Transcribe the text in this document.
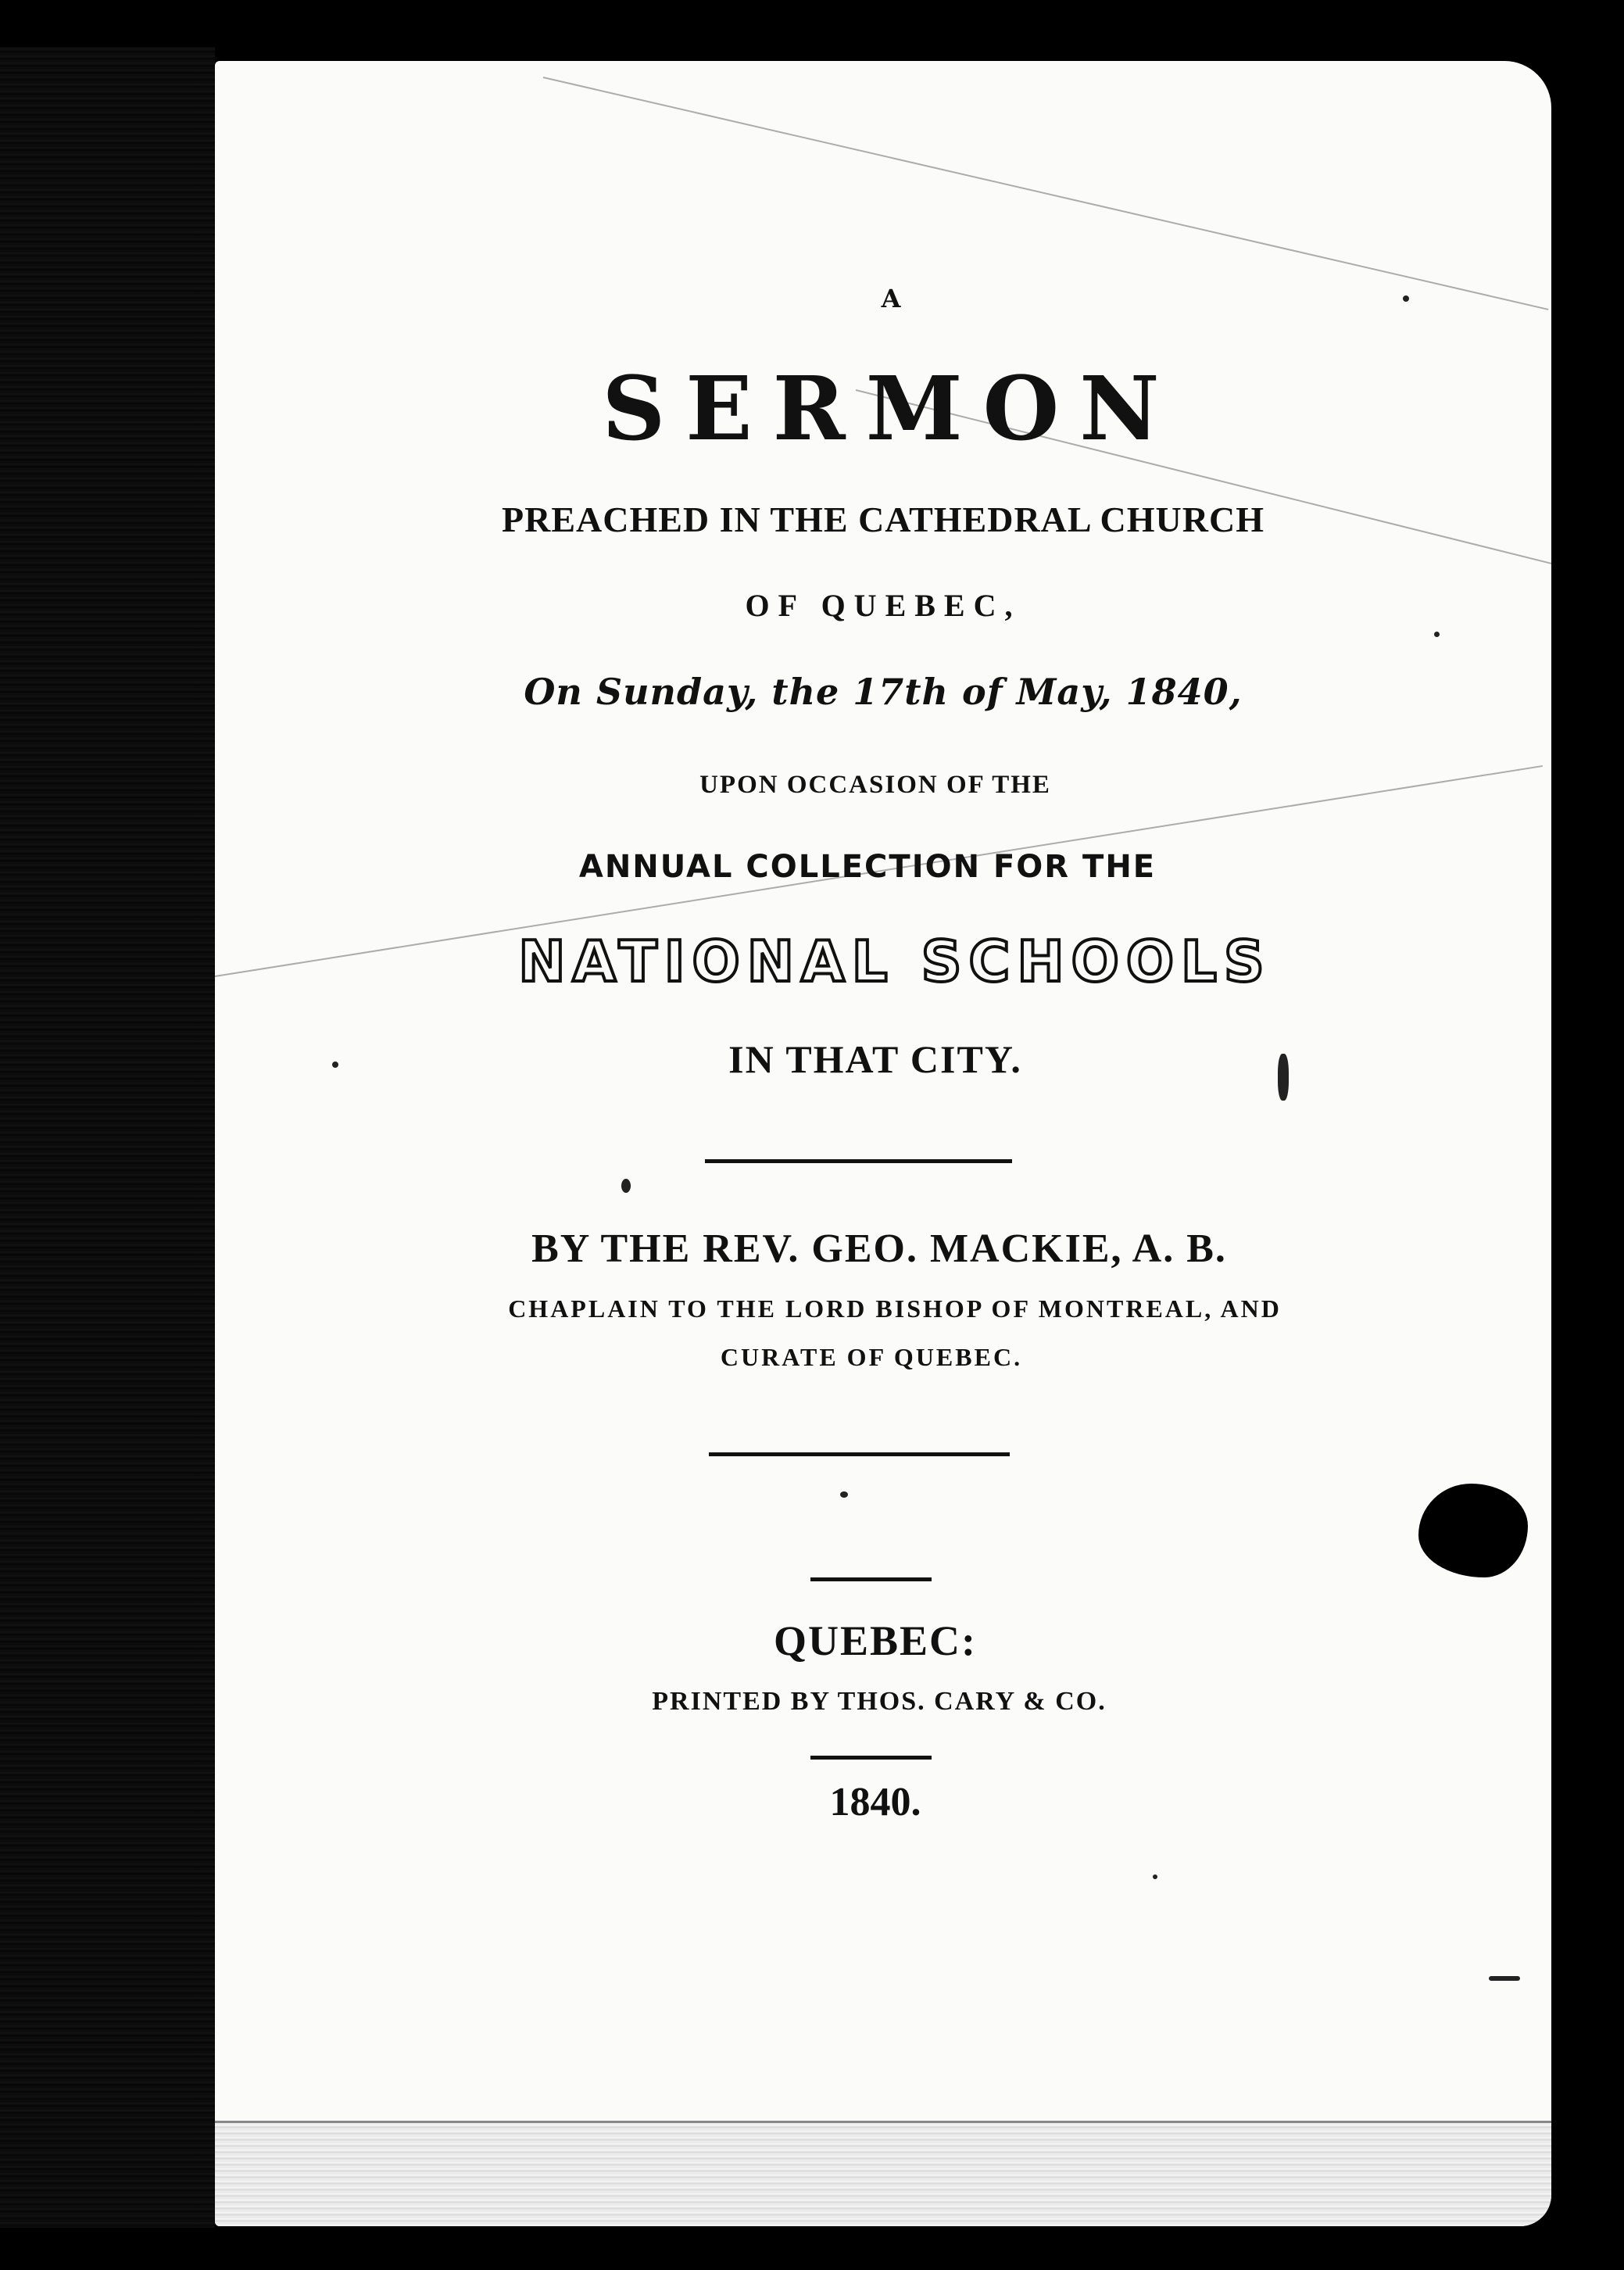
A
SERMON
PREACHED IN THE CATHEDRAL CHURCH
OF QUEBEC,
On Sunday, the 17th of May, 1840,
UPON OCCASION OF THE
ANNUAL COLLECTION FOR THE
NATIONAL SCHOOLS
IN THAT CITY.
BY THE REV. GEO. MACKIE, A. B.
CHAPLAIN TO THE LORD BISHOP OF MONTREAL, AND
CURATE OF QUEBEC.
QUEBEC:
PRINTED BY THOS. CARY & CO.
1840.
